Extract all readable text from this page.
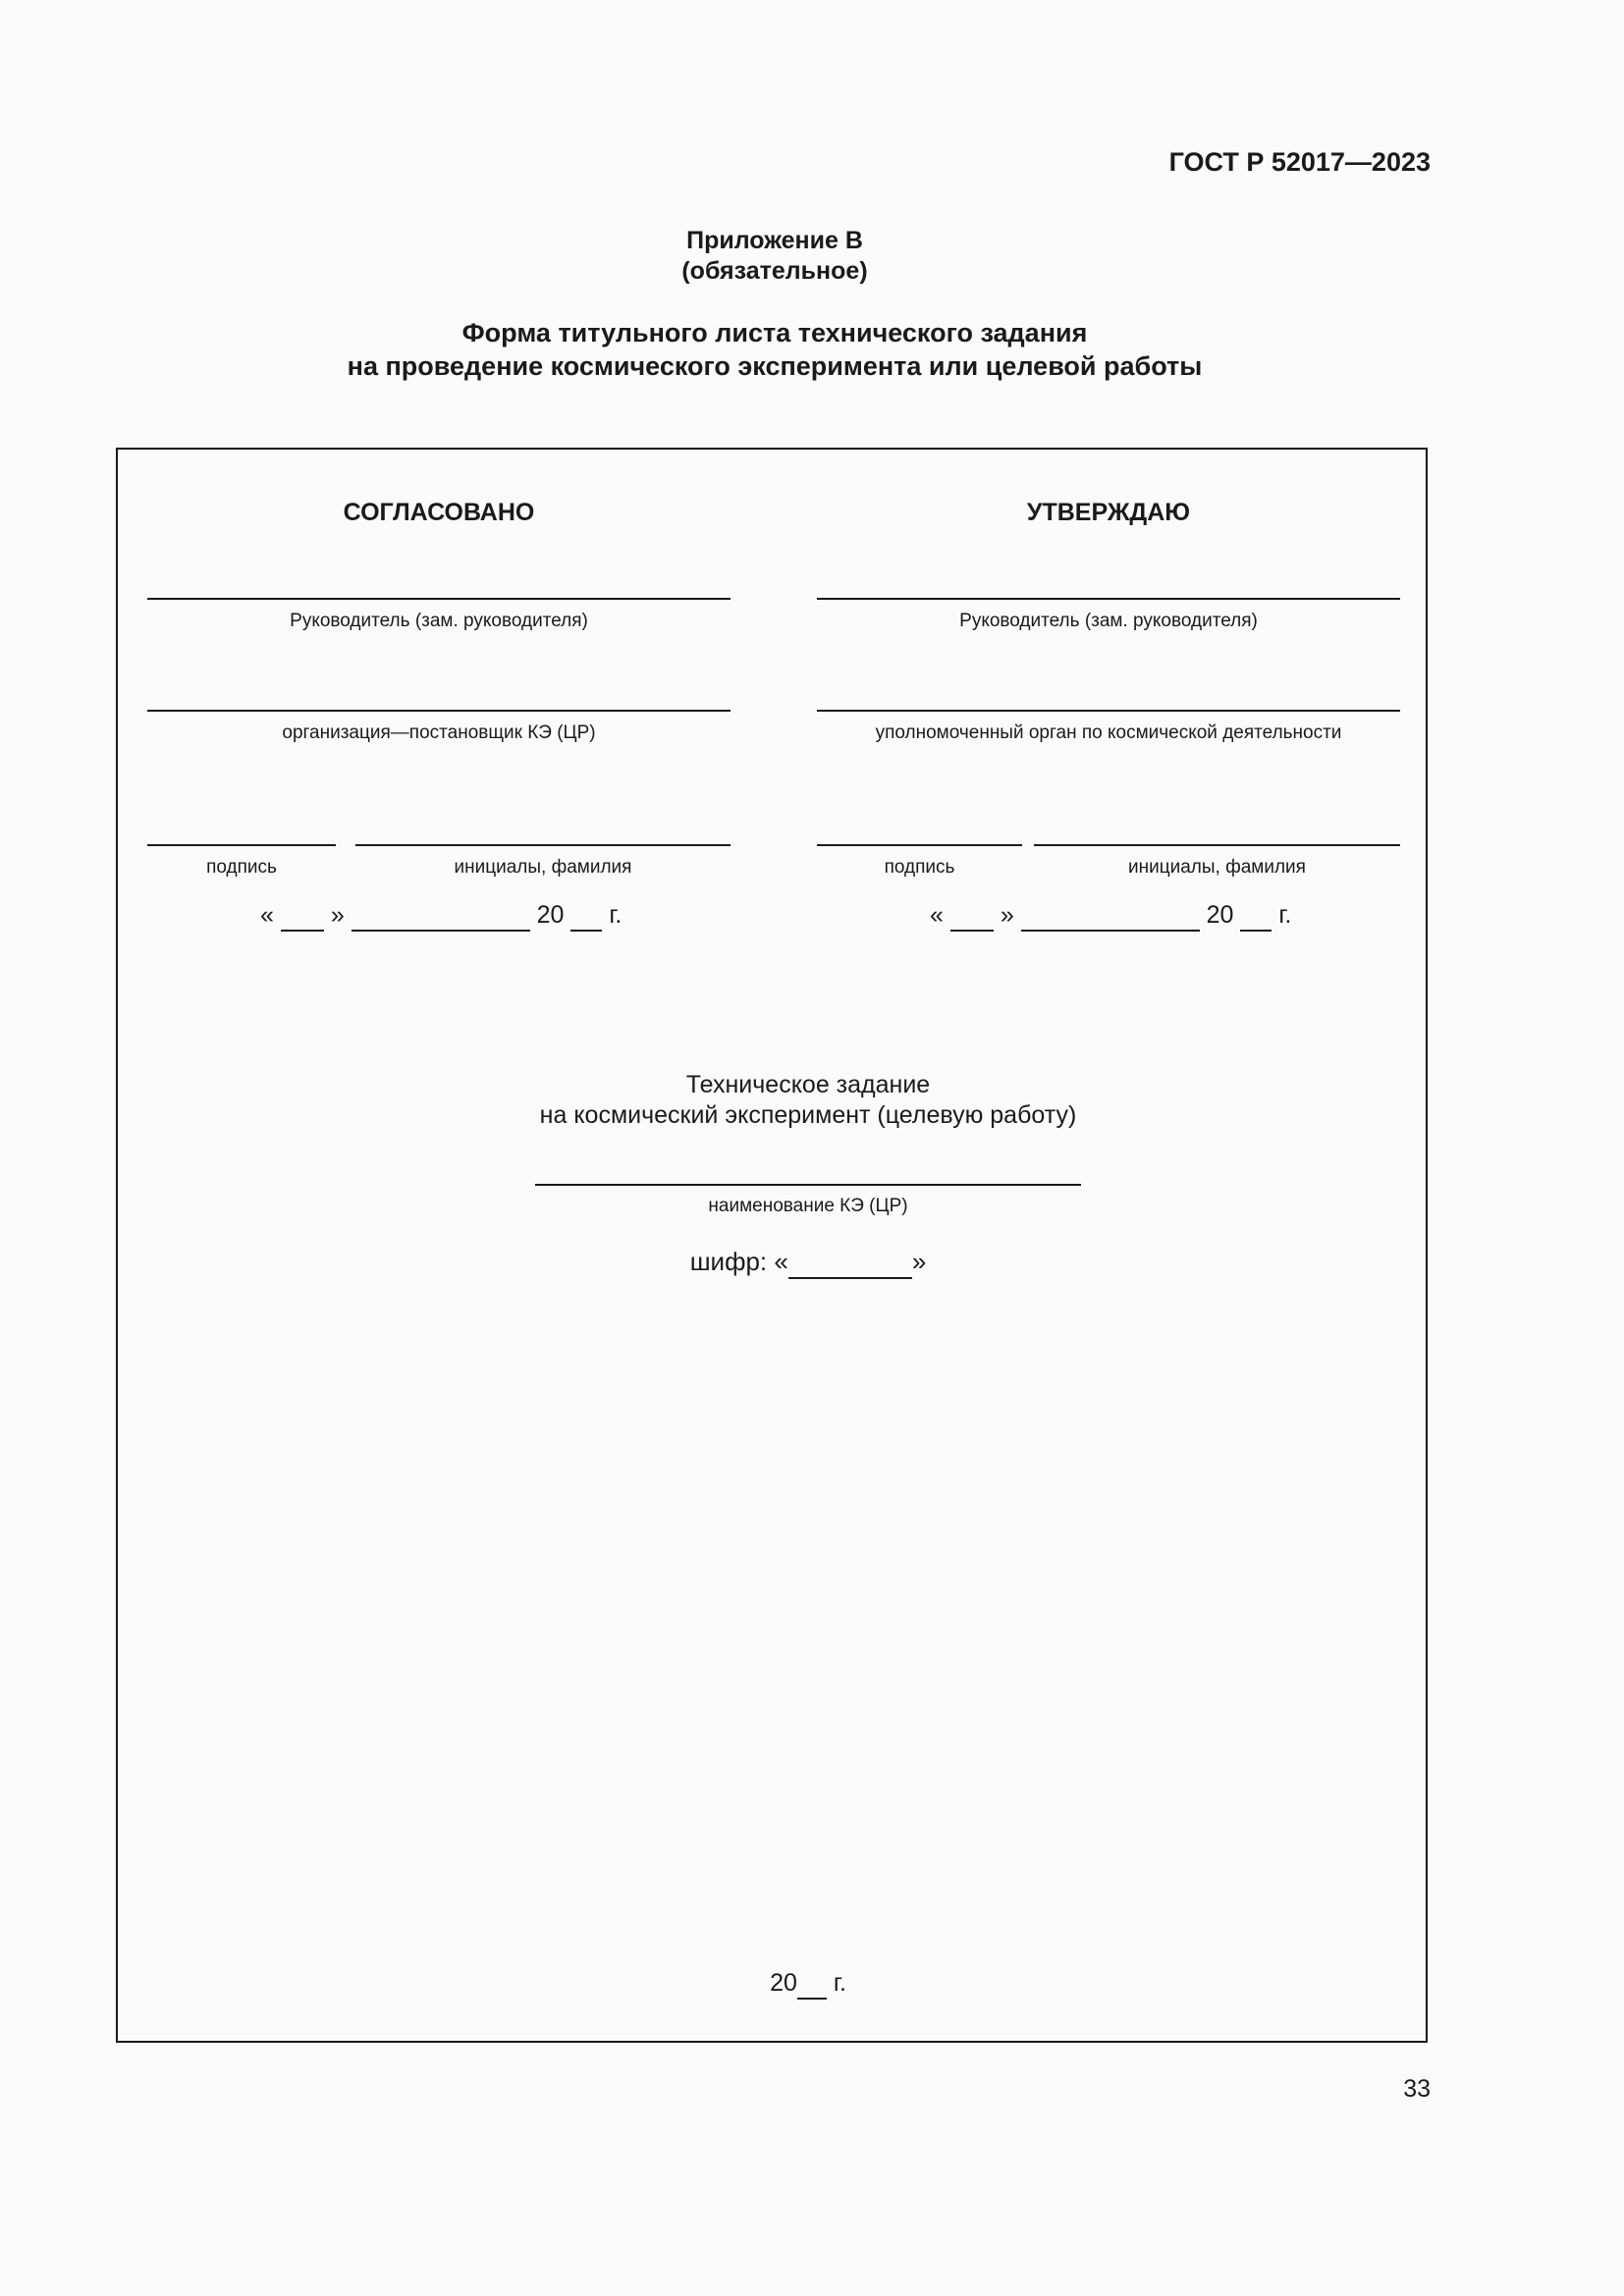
ГОСТ Р 52017—2023
Приложение В
(обязательное)
Форма титульного листа технического задания
на проведение космического эксперимента или целевой работы
СОГЛАСОВАНО
Руководитель (зам. руководителя)
организация—постановщик КЭ (ЦР)
подпись	инициалы, фамилия
« »	20 г.
УТВЕРЖДАЮ
Руководитель (зам. руководителя)
уполномоченный орган по космической деятельности
подпись	инициалы, фамилия
« »	20 г.
Техническое задание
на космический эксперимент (целевую работу)
наименование КЭ (ЦР)
шифр: «	»
20 г.
33
